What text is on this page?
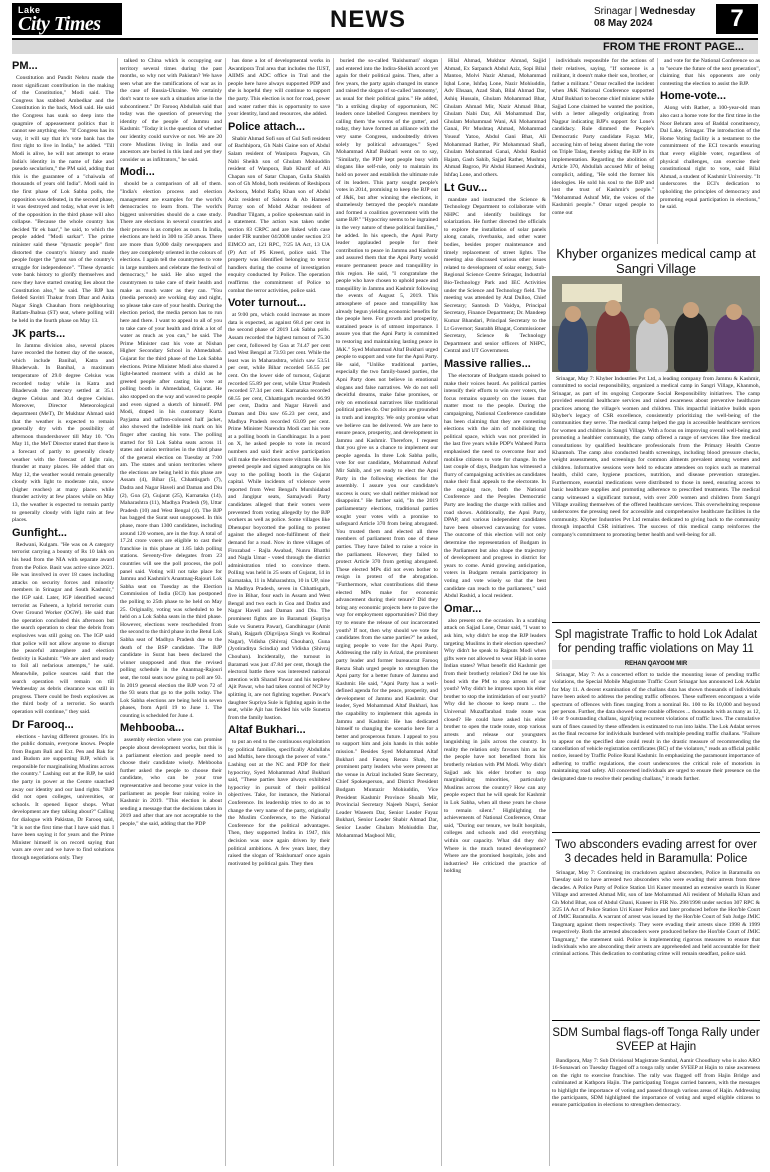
Lake
City Times	NEWS	Srinagar | Wednesday
08 May 2024	7
FROM THE FRONT PAGE...
PM...

Constitution and Pandit Nehru made the most significant contribution in the making of the Constitution," Modi said. The Congress has stabbed Ambedkar and the Constitution in the back, Modi said. He said the Congress has sunk so deep into the quagmire of appeasement politics that it cannot see anything else. "If Congress has its way, it will say that it's vote bank has the first right to live in India," he added. "Till Modi is alive, he will not attempt to erase India's identity in the name of fake and pseudo secularism," the PM said, adding that this is the guarantee of a "chaiwala of thousands of years old India". Modi said in the first phase of Lok Sabha polls, the opposition was defeated, in the second phase, it was destroyed and today, what ever is left of the opposition in the third phase will also collapse. "Because the whole country has decided 'fir ek baar'," he said, to which the people added "Modi sarkar". The prime minister said these "dynastic people" first distorted the country's history and made people forget the "great son of the country's struggle for independence". "These dynastic vote bank history to glorify themselves and now they have started creating lies about the Constitution also," he said. The BJP has fielded Savitri Thakur from Dhar and Anita Nagar Singh Chauhan from neighbouring Ratlam-Jhabua (ST) seat, where polling will be held in the fourth phase on May 13.

JK parts...

In Jammu division also, several places have recorded the hottest day of the season, which include Banihal, Katra and Bhaderwah. In Banihal, a maximum temperature of 29.0 degree Celsius was recorded today while in Katra and Bhaderwah the mercury settled at 35.1 degree Celsius and 30.4 degree Celsius. Moreover, Director Meteorological department (MeT), Dr Mukhtar Ahmad said that the weather is expected to remain generally dry with the possibility of afternoon thundershower till May 10. "On May 11, the MeT Director stated that there is a forecast of partly to generally cloudy weather with the forecast of light rain, thunder at many places. He added that on May 12, the weather would remain generally cloudy with light to moderate rain, snow (higher reaches) at many places while thunder activity at few places while on May 13, the weather is expected to remain partly to generally cloudy with light rain at few places.

Gunfight...

Redwani, Kulgam. "He was on A category terrorist carrying a bounty of Rs 10 lakh on his head from the NIA with separate award from the Police. Basit was active since 2021. He was involved in over 18 cases including attacks on security forces and minority members in Srinagar and South Kashmir," the IGP said. Later, IGP identified second terrorist as Faheem, a hybrid terrorist cum Over Ground Worker (OGW). He said that the operation concluded this afternoon but the search operation to clear the debris from explosives was still going on. The IGP said that police will not allow anyone to disrupt the peaceful atmosphere and election festivity in Kashmir. "We are alert and ready to foil all nefarious attempts," he said. Meanwhile, police sources said that the search operation will remain on till Wednesday as debris clearance was still in progress. There could be fresh explosives as the third body of a terrorist. So search operation will continue," they said.

Dr Farooq...

elections - having different grouses. It's in the public domain, everyone knows. People from Bugam Bali and Ext. Pen and Bak for and Budom are supporting BJP, which is responsible for marginalising Muslims across the country." Lashing out at the BJP, he said the party in power at the Centre snatched away our identity and our land rights. "BJP did not open colleges, universities, or schools. It opened liquor shops. What development are they talking about?" Calling for dialogue with Pakistan, Dr Farooq said, "It is not the first time that I have said that. I have been saying it for years and the Prime Minister himself is on record saying that wars are over and we have to find solutions through negotiations only. They

talked to China which is occupying our territory several times during the past months, so why not with Pakistan? We have seen what are the ramifications of war as in the case of Russia-Ukraine. We certainly don't want to see such a situation arise in the subcontinent." Dr Farooq Abdullah said that today was the question of preserving the identity of the people of Jammu and Kashmir. "Today it is the question of whether our identity could survive or not. We are 20 crore Muslims living in India and our ancestors are buried in this land and yet they consider us as infiltrators," he said.

Modi...

should be a comparison of all of them. "India's election process and election management are examples for the world's democracies to learn from. The world's biggest universities should do a case study. There are elections in several countries and their process is as complex as ours. In India, elections are held in 300 to 350 areas. There are more than 9,000 daily newspapers and they are completely oriented in the colours of elections. I again tell the countrymen to vote in large numbers and celebrate the festival of democracy," he said. He also urged the countrymen to take care of their health and make as much water as they can. "You (media persons) are working day and night, so please take care of your health. During the election period, the media person has to run here and there. I want to appeal to all of you to take care of your health and drink a lot of water as much as you can," he said. The Prime Minister cast his vote at Nishan Higher Secondary School in Ahmedabad. Gujarat for the third phase of the Lok Sabha elections. Prime Minister Modi also shared a light-hearted moment with a child as he greeted people after casting his vote at polling booth in Ahmedabad, Gujarat. He also stopped on the way and waved to people and even signed a sketch of himself. PM Modi, draped in his customary Kurta Payjama and saffron-coloured half jacket, also showed the indelible ink mark on his finger after casting his vote. The polling started for 93 Lok Sabha seats across 11 states and union territories in the third phase of the general election on Tuesday at 7:00 am. The states and union territories where the elections are being held in this phase are Assam (4), Bihar (5), Chhattisgarh (7), Dadra and Nagar Haveli and Daman and Diu (2), Goa (2), Gujarat (25), Karnataka (14), Maharashtra (11), Madhya Pradesh (9), Uttar Pradesh (10) and West Bengal (4). The BJP has bagged the Surat seat unopposed. In this phase, more than 1300 candidates, including around 120 women, are in the fray. A total of 17.24 crore voters are eligible to cast their franchise in this phase at 1.85 lakh polling stations. Seventy-five delegates from 23 countries will see the poll process, the poll panel said. Voting will not take place for Jammu and Kashmir's Anantnag-Rajouri Lok Sabha seat on Tuesday as the Election Commission of India (ECI) has postponed the polling to 25th phase to be held on May 25. Originally, voting was scheduled to be held on a Lok Sabha seats in the third phase. However, elections were rescheduled from the second to the third phase in the Betul Lok Sabha seat of Madhya Pradesh due to the death of the BSP candidate. The BJP candidate in Surat has been declared the winner unopposed and thus the revised polling schedule in the Anantnag-Rajouri seat, the total seats now going to poll are 93. In 2019 general election the BJP won 72 of the 93 seats that go to the polls today. The Lok Sabha elections are being held in seven phases, from April 19 to June 1. The counting is scheduled for June 4.

Mehbooba...

assembly election where you can promise people about development works, but this is a parliament election and people need to choose their candidate wisely. Mehbooba further asked the people to choose their candidate, who can be your true representative and become your voice in the parliament as people fear raising voice in Kashmir in 2019. "This election is about sending a message that the decisions taken in 2019 and after that are not acceptable to the people," she said, adding that the PDP

has done a lot of developmental works in Awantipora Tral area that includes the IUST, AIIMS and ADC office in Tral and the people here have always supported PDP and she is hopeful they will continue to support the party. This election is not for road, power and water rather this is opportunity to save your identity, land and resources, she added.

Police attach...

Shabir Ahmad Sofi son of Gul Sofi resident of Bachhipora, Gh Nabi Gaine son of Abdul Salam resident of Wanipora Pagwan, Gh Nabi Sheikh son of Ghulam Mohiuddin resident of Wanpora, Bab Khurif of Ali Chapan son of Satar Chapan, Gulla Shaikh son of Gh Mohd, both residents of Reshipora Awloora, Mohd Rafiq Khan son of Abdul Aziz resident of Saloora & Ab Hameed Parray son of Mohd Akbar resident of Pandhar Tilgam, a police spokesman said in a statement. The action was taken under section 83 CRPC and are linked with case under FIR number 04/2008 under section 2/3 EIMCO act, 121 RPC, 7/25 IA Act, 13 UA (P) Act of PS Kreeri, police said. The property was identified belonging to terror handlers during the course of investigation enquiry conducted by Police. The operation reaffirms the commitment of Police to combat the terror activities, police said.

Voter turnout...

at 9:00 pm, which could increase as more data is expected, as against 68.4 per cent in the second phase of 2019 Lok Sabha polls. Assam recorded the highest turnout of 75.30 per cent, followed by Goa at 74.47 per cent and West Bengal at 73.93 per cent. While the least was in Maharashtra, which saw 53.51 per cent, while Bihar recorded 56.55 per cent. On the lower side of turnout, Gujarat recorded 55.89 per cent, while Uttar Pradesh recorded 57.34 per cent. Karnataka recorded 68.55 per cent, Chhattisgarh recorded 66.99 per cent, Dadra and Nagar Haveli and Daman and Diu saw 65.23 per cent, and Madhya Pradesh recorded 63.09 per cent. Prime Minister Narendra Modi cast his vote at a polling booth in Gandhinagar. In a post on X, he asked people to vote in record numbers and said their active participation will make the elections more vibrant. He also greeted people and signed autographs on his way to the polling booth in the Gujarat capital. While incidents of violence were reported from West Bengal's Murshidabad and Jangipur seats, Samajwadi Party candidates alleged that their voters were prevented from voting allegedly by the BJP workers as well as police. Some villages like Dhenupur boycotted the polling to protest against the alleged non-fulfilment of their demand for a road. Now in three villages of Firozabad - Rajla Awabad, Nunru Bhatthi and Nagla Umar - voted through the district administration tried to convince them. Polling was held in 25 seats of Gujarat, 14 in Karnataka, 11 in Maharashtra, 10 in UP, nine in Madhya Pradesh, seven in Chhattisgarh, five in Bihar, four each in Assam and West Bengal and two each in Goa and Dadra and Nagar Haveli and Daman and Diu. The prominent fights are in Baramati (Supriya Sule vs Sunetra Pawar), Gandhinagar (Amit Shah), Rajgarh (Digvijaya Singh vs Rodmal Nagar), Vidisha (Shivraj Chouhan), Guna (Jyotiraditya Scindia) and Vidisha (Shivraj Chouhan). Incidentally, the turnout in Baramati was just 47.84 per cent, though the electoral battle there was interested national attention with Sharad Pawar and his nephew Ajit Pawar, who had taken control of NCP by splitting it, are not fighting together. Pawar's daughter Supriya Sule is fighting again in the seat, while Ajit has fielded his wife Sunetra from the family bastion.

Altaf Bukhari...

to put an end to the continuous exploitation by political families, specifically Abdullahs and Muftis, here through the power of vote." Lashing out at the NC and PDP for their hypocrisy, Syed Mohammad Altaf Bukhari said, "These parties have always exhibited hypocrisy in pursuit of their political objectives. Take, for instance, the National Conference. Its leadership tries to do as to change the very name of the party, originally the Muslim Conference, to the National Conference for the political advantages. Then, they supported Indira in 1947, this decision was once again driven by their political ambitions. A few years later, they raised the slogan of 'Raishumari' once again motivated by political gain. They then

buried the so-called 'Raishumari' slogan and entered into the Indira-Sheikh accord yet again for their political gains. Then, after a few years, the party again changed its stance and raised the slogan of so-called 'autonomy', as usual for their political gains." He added, "In a striking display of opportunism, NC leaders once labelled Congress members by calling them 'the worms of the gutter', and today, they have formed an alliance with the very same Congress, undoubtedly driven solely by political advantages." Syed Mohammad Altaf Bukhari went on to say, "Similarly, the PDP kept people busy with slogans like self-rule, only to maintain its hold on power and establish the ultimate rule of its leaders. This party sought people's votes in 2014, promising to keep the BJP out of J&K, but after winning the elections, it shamelessly betrayed the people's mandate and formed a coalition government with the same BJP." "Hypocrisy seems to be ingrained in the very nature of these political families," he added. In his speech, the Apni Party leader applauded people for their contribution to peace in Jammu and Kashmir and assured them that the Apni Party would ensure permanent peace and tranquillity in this region. He said, "I congratulate the people who have chosen to uphold peace and tranquillity in Jammu and Kashmir following the events of August 5, 2019. This atmosphere of peace and tranquillity has already begun yielding economic benefits for the people here. For growth and prosperity, sustained peace is of utmost importance. I assure you that the Apni Party is committed to restoring and maintaining lasting peace in J&K." Syed Mohammad Altaf Bukhari urged people to support and vote for the Apni Party. He said, "Unlike traditional parties, especially the two family-based parties, the Apni Party does not believe in emotional slogans and false narratives. We do not sell deceitful dreams, make false promises, or rely on emotional narratives like traditional political parties do. Our politics are grounded in truth and integrity. We only promise what we believe can be delivered. We are here to ensure peace, prosperity, and development in Jammu and Kashmir. Therefore, I request that you give us a chance to implement our people agenda. In three Lok Sabha polls, vote for our candidate, Mohammad Ashraf Mir Sahib, and yet ready to elect the Apni Party in the following elections for the assembly. I assure you our candidate's success is ours; we shall neither mislead nor disappoint." He further said, "In the 2019 parliamentary elections, traditional parties sought your votes with a promise to safeguard Article 370 from being abrogated. You trusted them and elected all three members of parliament from one of these parties. They have failed to raise a voice in the parliament. However, they failed to protect Article 370 from getting abrogated. These elected MPs did not even bother to resign in protest of the abrogation. "Furthermore, what contributions did these elected MPs make for economic advancement during their tenure? Did they bring any economic projects here to pave the way for employment opportunities? Did they try to ensure the release of our incarcerated youth? If not, then why should we vote for candidates from the same parties?" he asked, urging people to vote for the Apni Party. Addressing the rally in Arizal, the prominent party leader and former bureaucrat Farooq Renzu Shah urged people to strengthen the Apni party for a better future of Jammu and Kashmir. He said, "Apni Party has a well-defined agenda for the peace, prosperity, and development of Jammu and Kashmir. Our leader, Syed Mohammad Altaf Bukhari, has the capability to implement this agenda in Jammu and Kashmir. He has dedicated himself to changing the scenario here for a better and prosperous future. I appeal to you to support him and join hands in this noble mission." Besides Syed Mohammad Altaf Bukhari and Farooq Renzu Shah, the prominent party leaders who were present at the venue in Arizal included State Secretary, Chief Spokesperson, and District President Budgam Muntazir Mohiuddin, Vice President Kashmir Province Shoaib Mir, Provincial Secretary Najeeb Naqvi, Senior Leader Waseem Dar, Senior Leader Fayaz Bukhari, Senior Leader Shabir Ahmad Dar, Senior Leader Ghulam Mohiuddin Dar, Mohammad Maqbool Mir,

Hilal Ahmad, Mukhtar Ahmad, Sajjid Ahmad, Ex Sarpanch Abdul Aziz, Sopi Bilal Mantoo, Molvi Nazir Ahmad, Mohammad Iqbal Lone, Ishfaq Lone, Nazir Mohiuddin, Adv Ehsaan, Azad Shah, Bilal Ahmad Dar, Ashiq Hussain, Ghulam Mohammad Bhat, Ghulam Ahmad Mir, Nazir Ahmad Bhat, Ghulam Nabi Dar, Ali Mohammad Dar, Ghulam Mohammad Wani, Ali Mohammad Ganai, Pir Mushtaq Ahmad, Mohammad Yousuf Yatoo, Abdul Gani Bhat, Ali Mohammad Rather, Pir Mohammad Shafi, Ghulam Mohammad Ganai, Abdul Rashid Hajam, Gash Sahib, Sajjad Rather, Mushtaq Ahmad Bagroo, Pir Abdul Hameed Andrabi, Ishfaq Lone, and others.

Lt Guv...

mandate and instructed the Science & Technology Department to collaborate with NHPC and identify buildings for solarization. He further directed the officials to explore the installation of solar panels along canals, riverbanks, and other water bodies, besides proper maintenance and timely replacement of street lights. The meeting also discussed various other issues related to development of solar energy, Sub-Regional Science Centre Srinagar, Industrial Bio-Technology Park and IEC Activities under the Science and Technology field. The meeting was attended by Atal Dulloo, Chief Secretary; Santosh D Vaidya, Principal Secretary, Finance Department; Dr. Mandeep Kumar Bhandari, Principal Secretary to the Lt Governor; Saurabh Bhagat, Commissioner Secretary, Science & Technology Department and senior officers of NHPC, Central and UT Government.

Massive rallies...

The electorate of Budgam stands poised to make their voices heard. As political parties intensify their efforts to win over voters, the focus remains squarely on the issues that matter most to the people. During the campaigning, National Conference candidate has been claiming that they are contesting elections with the aim of mobilising the political space, which was not provided in the last five years while PDP's Waheed Parra emphasised the need to overcome fear and mobilise citizens to vote for change. In the last couple of days, Budgam has witnessed a flurry of campaigning activities as candidates make their final appeals to the electorate. In the ongoing race, both the National Conference and the Peoples Democratic Party are leading the charge with rallies and road shows. Additionally, the Apni Party, DPAP, and various independent candidates have been observed canvassing for votes. The outcome of this election will not only determine the representation of Budgam in the Parliament but also shape the trajectory of development and progress in district for years to come. Amid growing anticipation, voters in Budgam remain participatory in voting and vote wisely so that the best candidate can reach to the parliament," said Abdul Rashid, a local resident.

Omar...

also present on the occasion. In a scathing attack on Sajjad Lone, Omar said, "I want to ask him, why didn't he stop the BJP leaders targeting Muslims in their election speeches? Why didn't he speak to Rajputs Modi when gifts were not allowed to wear Hijab in some Indian states? What benefit did Kashmir get from their brotherly relation? Did he use his bond with the PM to stop arrests of our youth? Why didn't he impress upon his elder brother to stop the intimidation of our youth? Why did he choose to keep mum ... the Universal Muzaffarabad trade route was closed? He could have asked his elder brother to open the trade route, stop various arrests and release our youngsters languishing in jails across the country. In reality the relation only favours him as for the people have not benefited from his brotherly relation with PM Modi. Why didn't Sajjad ask his elder brother to stop marginalising minorities, particularly Muslims across the country? How can any people expect that he will speak for Kashmir in Lok Sabha, when all these years he chose to remain silent." Highlighting the achievements of National Conference, Omar said, "During our tenure, we built hospitals, colleges and schools and did everything within our capacity. What did they do? Where is the much touted development? Where are the promised hospitals, jobs and industries? He criticized the practice of holding

individuals responsible for the actions of their relatives, saying, "If someone is a militant, it doesn't make their son, brother, or father a militant." Omar recalled the incident when J&K National Conference supported Altaf Bukhari to become chief minister while Sajjad Lone claimed he wanted the position, with a letter allegedly originating from Nagpur indicating BJP's support for Lone's candidacy. Rule dimmed the People's Democratic Party candidate Fayaz Mir, accusing him of being absent during the vote on Triple Talaq, thereby aiding the BJP in its implementation. Regarding the abolition of Article 370, Abdullah accused Mir of being complicit, adding, "He sold the former his ideologies. He sold his soul to the BJP and lost the trust of Kashmir's people." "Mohammad Ashraf Mir, the voices of the Kashmiri people." Omar urged people to come out

and vote for the National Conference so as to "secure the future of the next generation", claiming that his opponents are only contesting the election to assist the BJP.

Home-vote...

Along with Rather, a 100-year-old man also cast a home vote for the first time in the Noor Behram area of Baddal constituency, Dal Lake, Srinagar. The introduction of the Home Voting facility is a testament to the commitment of the ECI towards ensuring that every eligible voter, regardless of physical challenges, can exercise their constitutional right to vote, said Bilal Ahmad, a student of Kashmir University. "It underscores the ECI's dedication to upholding the principles of democracy and promoting equal participation in elections," he said.

Khyber organizes medical camp at Sangri Village

Srinagar, May 7: Khyber Industries Pvt Ltd, a leading company from Jammu & Kashmir, committed to social responsibility, organized a medical camp in Sangri Village, Khanmoh, Srinagar, as part of its ongoing Corporate Social Responsibility initiatives. The camp provided essential healthcare services and raised awareness about preventive healthcare practices among the village's women and children. This impactful initiative builds upon Khyber's legacy of CSR excellence, consistently prioritizing the well-being of the communities they serve. The medical camp helped the gap in accessible healthcare services for women and children in Sangri Village. With a focus on improving overall well-being and promoting a healthier community, the camp offered a range of services like free medical consultations by qualified healthcare professionals from the Primary Health Centre Khanmoh. The camp also conducted health screenings, including blood pressure checks, weight assessments, and screenings for common ailments prevalent among women and children. Informative sessions were held to educate attendees on topics such as maternal health, child care, hygiene practices, nutrition, and disease prevention strategies. Furthermore, essential medications were distributed to those in need, ensuring access to basic healthcare supplies and promoting adherence to prescribed treatments. The medical camp witnessed a significant turnout, with over 200 women and children from Sangri Village availing themselves of the offered healthcare services. This overwhelming response underscores the pressing need for accessible and comprehensive healthcare facilities in the community. Khyber Industries Pvt Ltd remains dedicated to giving back to the community through impactful CSR initiatives. The success of this medical camp reinforces the company's commitment to promoting better health and well-being for all.

Spl magistrate Traffic to hold Lok Adalat for pending traffic violations on May 11
REHAN QAYOOM MIR

Srinagar, May 7: As a concerted effort to tackle the mounting issue of pending traffic violations, the Special Mobile Magistrate Traffic Court Srinagar has announced Lok Adalat for May 11. A decent examination of the challans data has shown thousands of individuals have been asked to address the pending traffic offences. These sufferers encompass a wide spectrum of offences with fines ranging from a nominal Rs. 100 to Rs 10,000 and beyond per person. Further, the data showed some notable offences ... thousands with as many as 12, 10 or 9 outstanding challans, signifying recurrent violations of traffic laws. The cumulative sum of fines caused by these offenders is estimated to run into lakhs. The Lok Adalat serves as the final recourse for individuals burdened with multiple pending traffic challans. "Failure to appear on the specified date could result in the drastic measure of recommending the cancellation of vehicle registration certificates (RC) of the violators," reads an official public notice, issued by Traffic Police Rural Kashmir. In emphasizing the paramount importance of adhering to traffic regulations, the court underscores the critical role of motorists in maintaining road safety. All concerned individuals are urged to ensure their presence on the designated date to resolve their pending challans," it reads further.

Two absconders evading arrest for over 3 decades held in Baramulla: Police

Srinagar, May 7: Continuing its crackdown against absconders, Police in Baramulla on Tuesday said to have arrested two absconders who were evading their arrests from three decades. A Police Party of Police Station Uri Kuner mounted an extensive search in Kuner Village and arrested Ahmad Mir, son of late Mohammad Ali resident of Mohalla Khan and Gh Mohd Bhat, son of Abdul Ghani, Kuneer in FIR No. 298/1998 under section 307 RPC & 3/25 IA Act of Police Station Uri Kuner Police and later produced before the Hon'ble Court of JMIC Baramulla. A warrant of arrest was issued by the Hon'ble Court of Sub Judge JMIC Tangmarg against them respectively. They were evading their arrests since 1998 & 1999 respectively. Both the arrested absconders were produced before the Hon'ble Court of JMIC Tangmarg," the statement said. Police is implementing rigorous measures to ensure that individuals who are absconding their arrests are apprehended and held accountable for their criminal actions. This dedication to combating crime will remain steadfast, police said.

SDM Sumbal flags-off Tonga Rally under SVEEP at Hajin

Bandipora, May 7: Sub Divisional Magistrate Sumbal, Aamir Choudhary who is also ARO 16-Sonawari on Tuesday flagged off a tonga rally under SVEEP at Hajin to raise awareness on the right to exercise franchise. The rally was flagged off from Hajin Bridge and culminated at Kathpora Hajin. The participating Tongas carried banners, with the messages to highlight the importance of voting and passed through various areas of Hajin. Addressing the participants, SDM highlighted the importance of voting and urged eligible citizens to ensure participation in elections to strengthen democracy.
